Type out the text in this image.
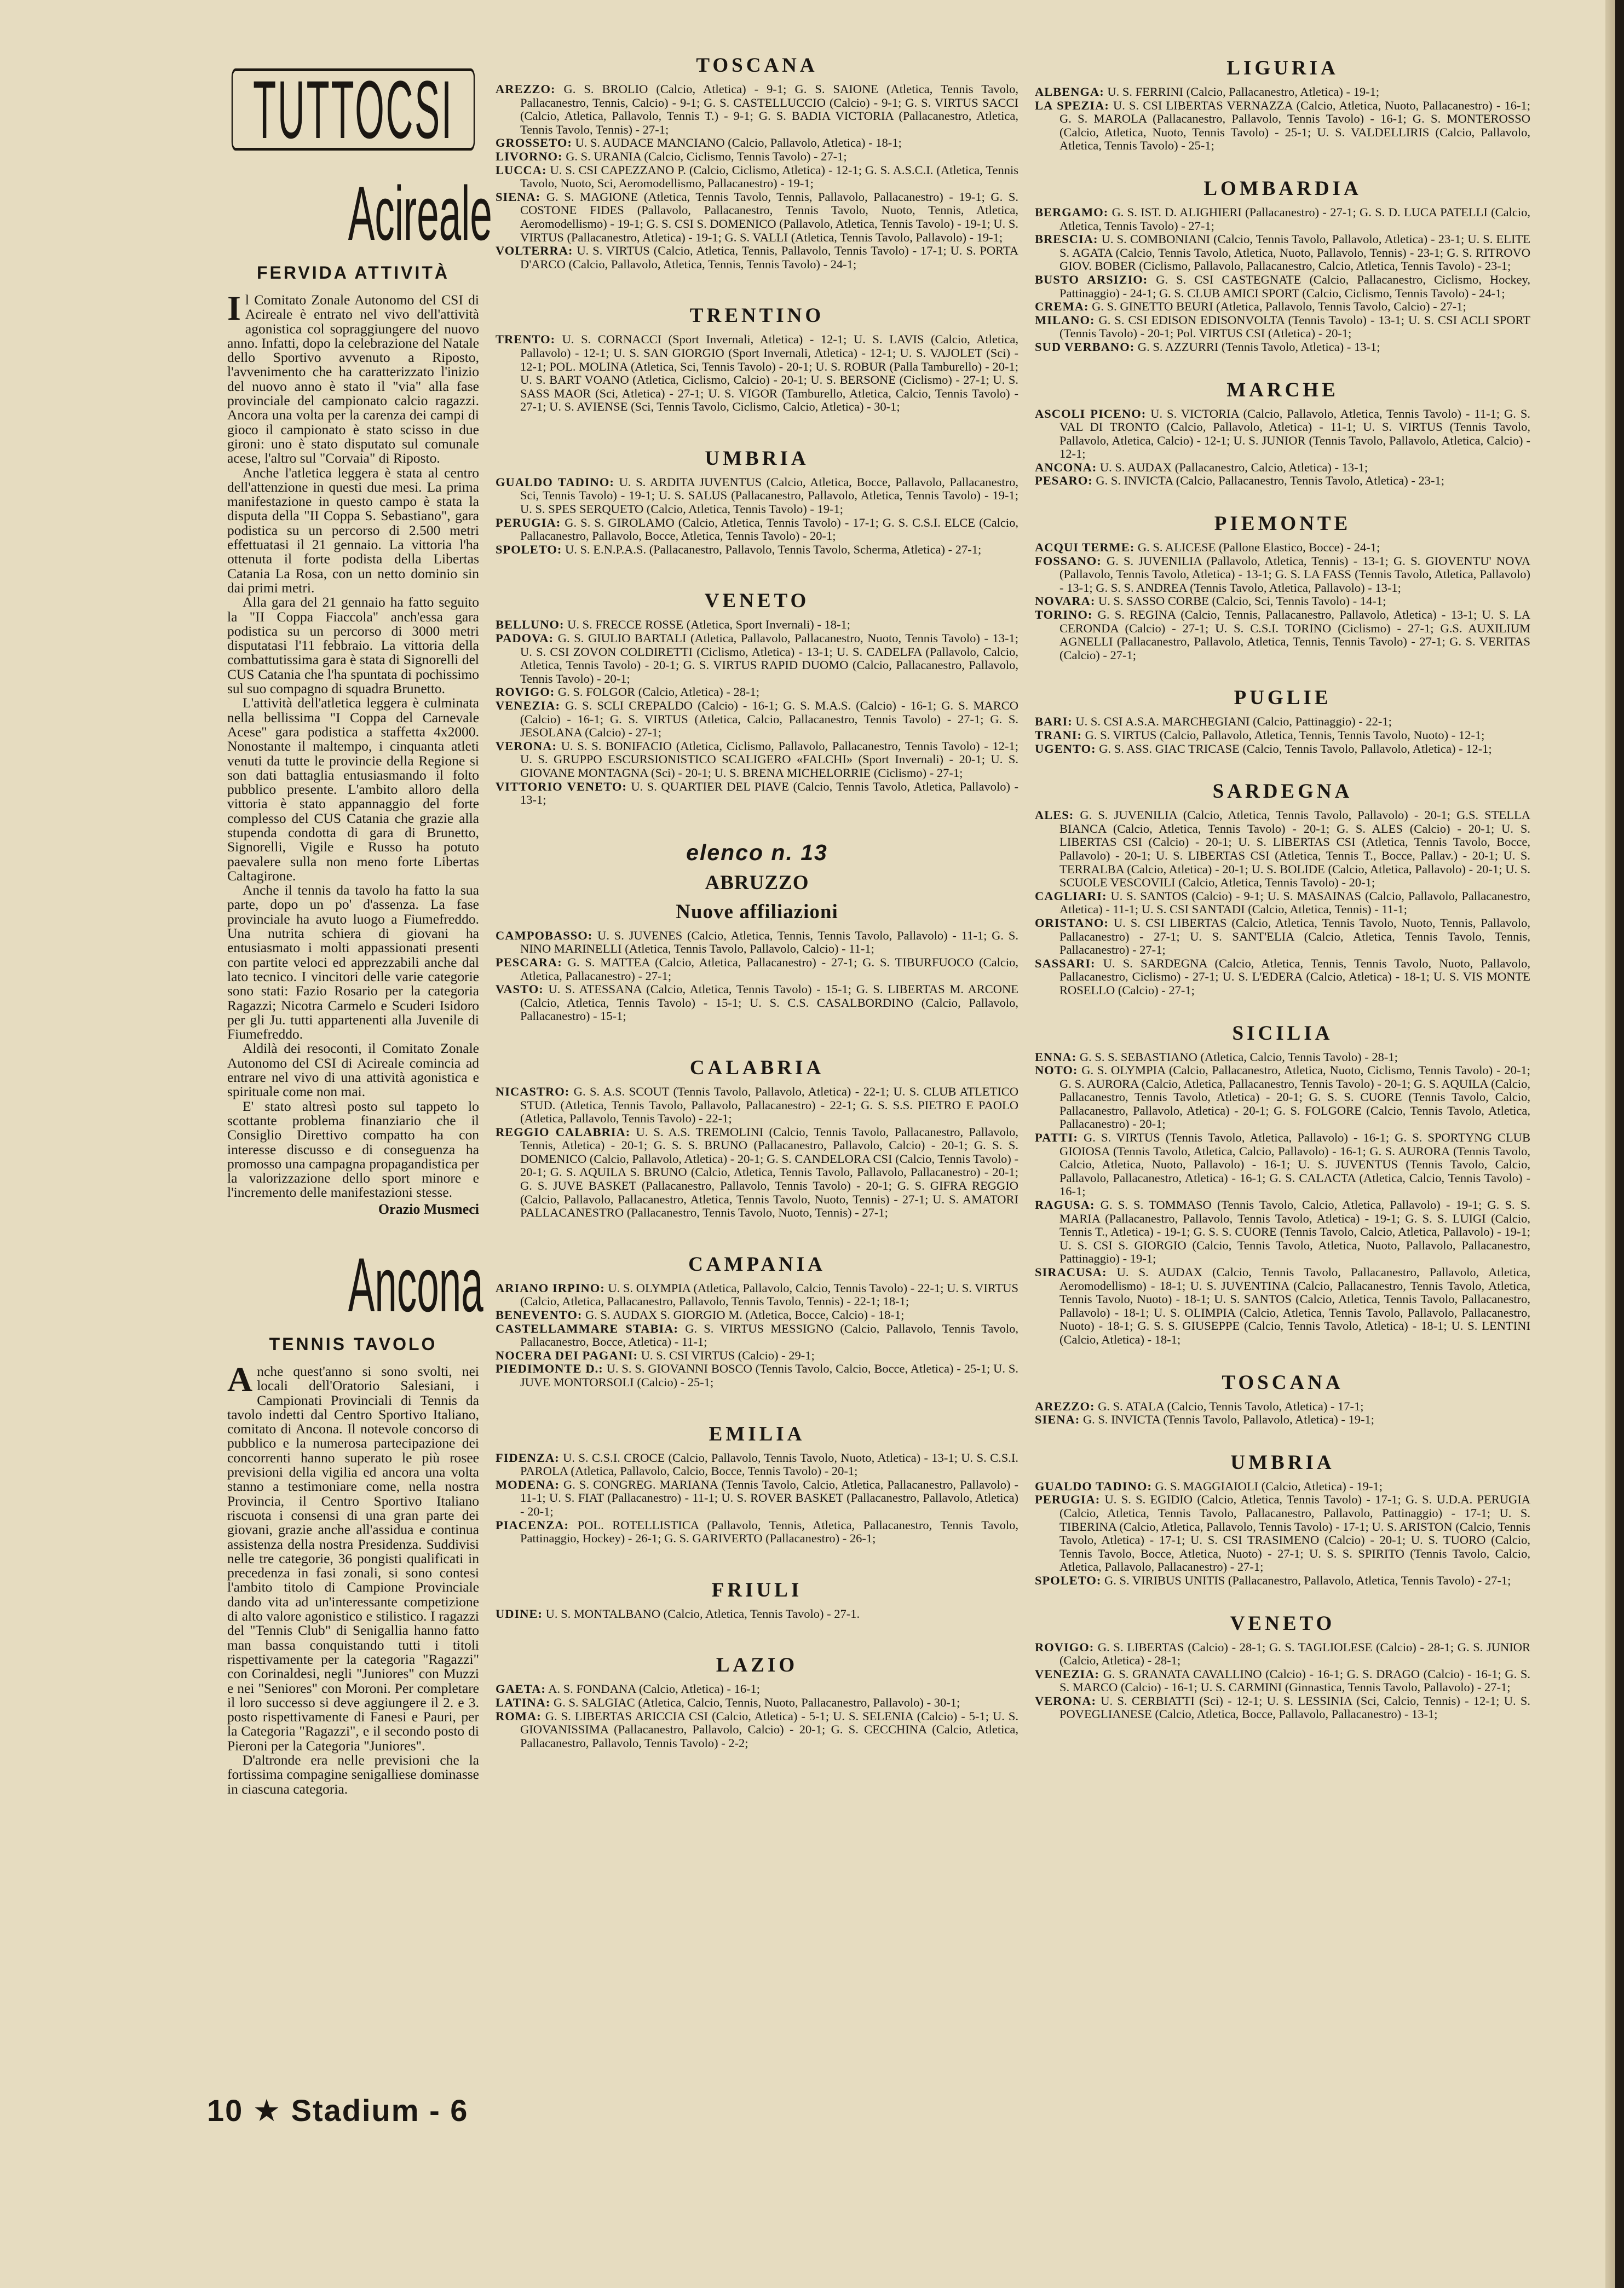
TUTTOCSI
Acireale
FERVIDA ATTIVITÀ

Il Comitato Zonale Autonomo del CSI di Acireale è entrato nel vivo dell'attività agonistica col sopraggiungere del nuovo anno. Infatti, dopo la celebrazione del Natale dello Sportivo avvenuto a Riposto, l'avvenimento che ha caratterizzato l'inizio del nuovo anno è stato il "via" alla fase provinciale del campionato calcio ragazzi. Ancora una volta per la carenza dei campi di gioco il campionato è stato scisso in due gironi: uno è stato disputato sul comunale acese, l'altro sul "Corvaia" di Riposto.

Anche l'atletica leggera è stata al centro dell'attenzione in questi due mesi. La prima manifestazione in questo campo è stata la disputa della "II Coppa S. Sebastiano", gara podistica su un percorso di 2.500 metri effettuatasi il 21 gennaio. La vittoria l'ha ottenuta il forte podista della Libertas Catania La Rosa, con un netto dominio sin dai primi metri.

Alla gara del 21 gennaio ha fatto seguito la "II Coppa Fiaccola" anch'essa gara podistica su un percorso di 3000 metri disputatasi l'11 febbraio. La vittoria della combattutissima gara è stata di Signorelli del CUS Catania che l'ha spuntata di pochissimo sul suo compagno di squadra Brunetto.

L'attività dell'atletica leggera è culminata nella bellissima "I Coppa del Carnevale Acese" gara podistica a staffetta 4x2000. Nonostante il maltempo, i cinquanta atleti venuti da tutte le provincie della Regione si son dati battaglia entusiasmando il folto pubblico presente. L'ambito alloro della vittoria è stato appannaggio del forte complesso del CUS Catania che grazie alla stupenda condotta di gara di Brunetto, Signorelli, Vigile e Russo ha potuto paevalere sulla non meno forte Libertas Caltagirone.

Anche il tennis da tavolo ha fatto la sua parte, dopo un po' d'assenza. La fase provinciale ha avuto luogo a Fiumefreddo. Una nutrita schiera di giovani ha entusiasmato i molti appassionati presenti con partite veloci ed apprezzabili anche dal lato tecnico. I vincitori delle varie categorie sono stati: Fazio Rosario per la categoria Ragazzi; Nicotra Carmelo e Scuderi Isidoro per gli Ju. tutti appartenenti alla Juvenile di Fiumefreddo.

Aldilà dei resoconti, il Comitato Zonale Autonomo del CSI di Acireale comincia ad entrare nel vivo di una attività agonistica e spirituale come non mai.

E' stato altresì posto sul tappeto lo scottante problema finanziario che il Consiglio Direttivo compatto ha con interesse discusso e di conseguenza ha promosso una campagna propagandistica per la valorizzazione dello sport minore e l'incremento delle manifestazioni stesse.

Orazio Musmeci
Ancona
TENNIS TAVOLO

Anche quest'anno si sono svolti, nei locali dell'Oratorio Salesiani, i Campionati Provinciali di Tennis da tavolo indetti dal Centro Sportivo Italiano, comitato di Ancona. Il notevole concorso di pubblico e la numerosa partecipazione dei concorrenti hanno superato le più rosee previsioni della vigilia ed ancora una volta stanno a testimoniare come, nella nostra Provincia, il Centro Sportivo Italiano riscuota i consensi di una gran parte dei giovani, grazie anche all'assidua e continua assistenza della nostra Presidenza. Suddivisi nelle tre categorie, 36 pongisti qualificati in precedenza in fasi zonali, si sono contesi l'ambito titolo di Campione Provinciale dando vita ad un'interessante competizione di alto valore agonistico e stilistico. I ragazzi del "Tennis Club" di Senigallia hanno fatto man bassa conquistando tutti i titoli rispettivamente per la categoria "Ragazzi" con Corinaldesi, negli "Juniores" con Muzzi e nei "Seniores" con Moroni. Per completare il loro successo si deve aggiungere il 2. e 3. posto rispettivamente di Fanesi e Pauri, per la Categoria "Ragazzi", e il secondo posto di Pieroni per la Categoria "Juniores".

D'altronde era nelle previsioni che la fortissima compagine senigalliese dominasse in ciascuna categoria.

10 ★ Stadium - 6
TOSCANA

AREZZO: G. S. BROLIO (Calcio, Atletica) - 9-1; G. S. SAIONE (Atletica, Tennis Tavolo, Pallacanestro, Tennis, Calcio) - 9-1; G. S. CASTELLUCCIO (Calcio) - 9-1; G. S. VIRTUS SACCI (Calcio, Atletica, Pallavolo, Tennis T.) - 9-1; G. S. BADIA VICTORIA (Pallacanestro, Atletica, Tennis Tavolo, Tennis) - 27-1;

GROSSETO: U. S. AUDACE MANCIANO (Calcio, Pallavolo, Atletica) - 18-1;

LIVORNO: G. S. URANIA (Calcio, Ciclismo, Tennis Tavolo) - 27-1;

LUCCA: U. S. CSI CAPEZZANO P. (Calcio, Ciclismo, Atletica) - 12-1; G. S. A.S.C.I. (Atletica, Tennis Tavolo, Nuoto, Sci, Aeromodellismo, Pallacanestro) - 19-1;

SIENA: G. S. MAGIONE (Atletica, Tennis Tavolo, Tennis, Pallavolo, Pallacanestro) - 19-1; G. S. COSTONE FIDES (Pallavolo, Pallacanestro, Tennis Tavolo, Nuoto, Tennis, Atletica, Aeromodellismo) - 19-1; G. S. CSI S. DOMENICO (Pallavolo, Atletica, Tennis Tavolo) - 19-1; U. S. VIRTUS (Pallacanestro, Atletica) - 19-1; G. S. VALLI (Atletica, Tennis Tavolo, Pallavolo) - 19-1;

VOLTERRA: U. S. VIRTUS (Calcio, Atletica, Tennis, Pallavolo, Tennis Tavolo) - 17-1; U. S. PORTA D'ARCO (Calcio, Pallavolo, Atletica, Tennis, Tennis Tavolo) - 24-1;

TRENTINO

TRENTO: U. S. CORNACCI (Sport Invernali, Atletica) - 12-1; U. S. LAVIS (Calcio, Atletica, Pallavolo) - 12-1; U. S. SAN GIORGIO (Sport Invernali, Atletica) - 12-1; U. S. VAJOLET (Sci) - 12-1; POL. MOLINA (Atletica, Sci, Tennis Tavolo) - 20-1; U. S. ROBUR (Palla Tamburello) - 20-1; U. S. BART VOANO (Atletica, Ciclismo, Calcio) - 20-1; U. S. BERSONE (Ciclismo) - 27-1; U. S. SASS MAOR (Sci, Atletica) - 27-1; U. S. VIGOR (Tamburello, Atletica, Calcio, Tennis Tavolo) - 27-1; U. S. AVIENSE (Sci, Tennis Tavolo, Ciclismo, Calcio, Atletica) - 30-1;

UMBRIA

GUALDO TADINO: U. S. ARDITA JUVENTUS (Calcio, Atletica, Bocce, Pallavolo, Pallacanestro, Sci, Tennis Tavolo) - 19-1; U. S. SALUS (Pallacanestro, Pallavolo, Atletica, Tennis Tavolo) - 19-1; U. S. SPES SERQUETO (Calcio, Atletica, Tennis Tavolo) - 19-1;

PERUGIA: G. S. S. GIROLAMO (Calcio, Atletica, Tennis Tavolo) - 17-1; G. S. C.S.I. ELCE (Calcio, Pallacanestro, Pallavolo, Bocce, Atletica, Tennis Tavolo) - 20-1;

SPOLETO: U. S. E.N.P.A.S. (Pallacanestro, Pallavolo, Tennis Tavolo, Scherma, Atletica) - 27-1;

VENETO

BELLUNO: U. S. FRECCE ROSSE (Atletica, Sport Invernali) - 18-1;

PADOVA: G. S. GIULIO BARTALI (Atletica, Pallavolo, Pallacanestro, Nuoto, Tennis Tavolo) - 13-1; U. S. CSI ZOVON COLDIRETTI (Ciclismo, Atletica) - 13-1; U. S. CADELFA (Pallavolo, Calcio, Atletica, Tennis Tavolo) - 20-1; G. S. VIRTUS RAPID DUOMO (Calcio, Pallacanestro, Pallavolo, Tennis Tavolo) - 20-1;

ROVIGO: G. S. FOLGOR (Calcio, Atletica) - 28-1;

VENEZIA: G. S. SCLI CREPALDO (Calcio) - 16-1; G. S. M.A.S. (Calcio) - 16-1; G. S. MARCO (Calcio) - 16-1; G. S. VIRTUS (Atletica, Calcio, Pallacanestro, Tennis Tavolo) - 27-1; G. S. JESOLANA (Calcio) - 27-1;

VERONA: U. S. S. BONIFACIO (Atletica, Ciclismo, Pallavolo, Pallacanestro, Tennis Tavolo) - 12-1; U. S. GRUPPO ESCURSIONISTICO SCALIGERO «FALCHI» (Sport Invernali) - 20-1; U. S. GIOVANE MONTAGNA (Sci) - 20-1; U. S. BRENA MICHELORRIE (Ciclismo) - 27-1;

VITTORIO VENETO: U. S. QUARTIER DEL PIAVE (Calcio, Tennis Tavolo, Atletica, Pallavolo) - 13-1;

elenco n. 13
ABRUZZO
Nuove affiliazioni

CAMPOBASSO: U. S. JUVENES (Calcio, Atletica, Tennis, Tennis Tavolo, Pallavolo) - 11-1; G. S. NINO MARINELLI (Atletica, Tennis Tavolo, Pallavolo, Calcio) - 11-1;

PESCARA: G. S. MATTEA (Calcio, Atletica, Pallacanestro) - 27-1; G. S. TIBURFUOCO (Calcio, Atletica, Pallacanestro) - 27-1;

VASTO: U. S. ATESSANA (Calcio, Atletica, Tennis Tavolo) - 15-1; G. S. LIBERTAS M. ARCONE (Calcio, Atletica, Tennis Tavolo) - 15-1; U. S. C.S. CASALBORDINO (Calcio, Pallavolo, Pallacanestro) - 15-1;

CALABRIA

NICASTRO: G. S. A.S. SCOUT (Tennis Tavolo, Pallavolo, Atletica) - 22-1; U. S. CLUB ATLETICO STUD. (Atletica, Tennis Tavolo, Pallavolo, Pallacanestro) - 22-1; G. S. S.S. PIETRO E PAOLO (Atletica, Pallavolo, Tennis Tavolo) - 22-1;

REGGIO CALABRIA: U. S. A.S. TREMOLINI (Calcio, Tennis Tavolo, Pallacanestro, Pallavolo, Tennis, Atletica) - 20-1; G. S. S. BRUNO (Pallacanestro, Pallavolo, Calcio) - 20-1; G. S. S. DOMENICO (Calcio, Pallavolo, Atletica) - 20-1; G. S. CANDELORA CSI (Calcio, Tennis Tavolo) - 20-1; G. S. AQUILA S. BRUNO (Calcio, Atletica, Tennis Tavolo, Pallavolo, Pallacanestro) - 20-1; G. S. JUVE BASKET (Pallacanestro, Pallavolo, Tennis Tavolo) - 20-1; G. S. GIFRA REGGIO (Calcio, Pallavolo, Pallacanestro, Atletica, Tennis Tavolo, Nuoto, Tennis) - 27-1; U. S. AMATORI PALLACANESTRO (Pallacanestro, Tennis Tavolo, Nuoto, Tennis) - 27-1;

CAMPANIA

ARIANO IRPINO: U. S. OLYMPIA (Atletica, Pallavolo, Calcio, Tennis Tavolo) - 22-1; U. S. VIRTUS (Calcio, Atletica, Pallacanestro, Pallavolo, Tennis Tavolo, Tennis) - 22-1; 18-1;

BENEVENTO: G. S. AUDAX S. GIORGIO M. (Atletica, Bocce, Calcio) - 18-1;

CASTELLAMMARE STABIA: G. S. VIRTUS MESSIGNO (Calcio, Pallavolo, Tennis Tavolo, Pallacanestro, Bocce, Atletica) - 11-1;

NOCERA DEI PAGANI: U. S. CSI VIRTUS (Calcio) - 29-1;

PIEDIMONTE D.: U. S. S. GIOVANNI BOSCO (Tennis Tavolo, Calcio, Bocce, Atletica) - 25-1; U. S. JUVE MONTORSOLI (Calcio) - 25-1;

EMILIA

FIDENZA: U. S. C.S.I. CROCE (Calcio, Pallavolo, Tennis Tavolo, Nuoto, Atletica) - 13-1; U. S. C.S.I. PAROLA (Atletica, Pallavolo, Calcio, Bocce, Tennis Tavolo) - 20-1;

MODENA: G. S. CONGREG. MARIANA (Tennis Tavolo, Calcio, Atletica, Pallacanestro, Pallavolo) - 11-1; U. S. FIAT (Pallacanestro) - 11-1; U. S. ROVER BASKET (Pallacanestro, Pallavolo, Atletica) - 20-1;

PIACENZA: POL. ROTELLISTICA (Pallavolo, Tennis, Atletica, Pallacanestro, Tennis Tavolo, Pattinaggio, Hockey) - 26-1; G. S. GARIVERTO (Pallacanestro) - 26-1;

FRIULI

UDINE: U. S. MONTALBANO (Calcio, Atletica, Tennis Tavolo) - 27-1.

LAZIO

GAETA: A. S. FONDANA (Calcio, Atletica) - 16-1;

LATINA: G. S. SALGIAC (Atletica, Calcio, Tennis, Nuoto, Pallacanestro, Pallavolo) - 30-1;

ROMA: G. S. LIBERTAS ARICCIA CSI (Calcio, Atletica) - 5-1; U. S. SELENIA (Calcio) - 5-1; U. S. GIOVANISSIMA (Pallacanestro, Pallavolo, Calcio) - 20-1; G. S. CECCHINA (Calcio, Atletica, Pallacanestro, Pallavolo, Tennis Tavolo) - 2-2;

LIGURIA

ALBENGA: U. S. FERRINI (Calcio, Pallacanestro, Atletica) - 19-1;

LA SPEZIA: U. S. CSI LIBERTAS VERNAZZA (Calcio, Atletica, Nuoto, Pallacanestro) - 16-1; G. S. MAROLA (Pallacanestro, Pallavolo, Tennis Tavolo) - 16-1; G. S. MONTEROSSO (Calcio, Atletica, Nuoto, Tennis Tavolo) - 25-1; U. S. VALDELLIRIS (Calcio, Pallavolo, Atletica, Tennis Tavolo) - 25-1;

LOMBARDIA

BERGAMO: G. S. IST. D. ALIGHIERI (Pallacanestro) - 27-1; G. S. D. LUCA PATELLI (Calcio, Atletica, Tennis Tavolo) - 27-1;

BRESCIA: U. S. COMBONIANI (Calcio, Tennis Tavolo, Pallavolo, Atletica) - 23-1; U. S. ELITE S. AGATA (Calcio, Tennis Tavolo, Atletica, Nuoto, Pallavolo, Tennis) - 23-1; G. S. RITROVO GIOV. BOBER (Ciclismo, Pallavolo, Pallacanestro, Calcio, Atletica, Tennis Tavolo) - 23-1;

BUSTO ARSIZIO: G. S. CSI CASTEGNATE (Calcio, Pallacanestro, Ciclismo, Hockey, Pattinaggio) - 24-1; G. S. CLUB AMICI SPORT (Calcio, Ciclismo, Tennis Tavolo) - 24-1;

CREMA: G. S. GINETTO BEURI (Atletica, Pallavolo, Tennis Tavolo, Calcio) - 27-1;

MILANO: G. S. CSI EDISON EDISONVOLTA (Tennis Tavolo) - 13-1; U. S. CSI ACLI SPORT (Tennis Tavolo) - 20-1; Pol. VIRTUS CSI (Atletica) - 20-1;

SUD VERBANO: G. S. AZZURRI (Tennis Tavolo, Atletica) - 13-1;

MARCHE

ASCOLI PICENO: U. S. VICTORIA (Calcio, Pallavolo, Atletica, Tennis Tavolo) - 11-1; G. S. VAL DI TRONTO (Calcio, Pallavolo, Atletica) - 11-1; U. S. VIRTUS (Tennis Tavolo, Pallavolo, Atletica, Calcio) - 12-1; U. S. JUNIOR (Tennis Tavolo, Pallavolo, Atletica, Calcio) - 12-1;

ANCONA: U. S. AUDAX (Pallacanestro, Calcio, Atletica) - 13-1;

PESARO: G. S. INVICTA (Calcio, Pallacanestro, Tennis Tavolo, Atletica) - 23-1;

PIEMONTE

ACQUI TERME: G. S. ALICESE (Pallone Elastico, Bocce) - 24-1;

FOSSANO: G. S. JUVENILIA (Pallavolo, Atletica, Tennis) - 13-1; G. S. GIOVENTU' NOVA (Pallavolo, Tennis Tavolo, Atletica) - 13-1; G. S. LA FASS (Tennis Tavolo, Atletica, Pallavolo) - 13-1; G. S. S. ANDREA (Tennis Tavolo, Atletica, Pallavolo) - 13-1;

NOVARA: U. S. SASSO CORBE (Calcio, Sci, Tennis Tavolo) - 14-1;

TORINO: G. S. REGINA (Calcio, Tennis, Pallacanestro, Pallavolo, Atletica) - 13-1; U. S. LA CERONDA (Calcio) - 27-1; U. S. C.S.I. TORINO (Ciclismo) - 27-1; G.S. AUXILIUM AGNELLI (Pallacanestro, Pallavolo, Atletica, Tennis, Tennis Tavolo) - 27-1; G. S. VERITAS (Calcio) - 27-1;

PUGLIE

BARI: U. S. CSI A.S.A. MARCHEGIANI (Calcio, Pattinaggio) - 22-1;

TRANI: G. S. VIRTUS (Calcio, Pallavolo, Atletica, Tennis, Tennis Tavolo, Nuoto) - 12-1;

UGENTO: G. S. ASS. GIAC TRICASE (Calcio, Tennis Tavolo, Pallavolo, Atletica) - 12-1;

SARDEGNA

ALES: G. S. JUVENILIA (Calcio, Atletica, Tennis Tavolo, Pallavolo) - 20-1; G.S. STELLA BIANCA (Calcio, Atletica, Tennis Tavolo) - 20-1; G. S. ALES (Calcio) - 20-1; U. S. LIBERTAS CSI (Calcio) - 20-1; U. S. LIBERTAS CSI (Atletica, Tennis Tavolo, Bocce, Pallavolo) - 20-1; U. S. LIBERTAS CSI (Atletica, Tennis T., Bocce, Pallav.) - 20-1; U. S. TERRALBA (Calcio, Atletica) - 20-1; U. S. BOLIDE (Calcio, Atletica, Pallavolo) - 20-1; U. S. SCUOLE VESCOVILI (Calcio, Atletica, Tennis Tavolo) - 20-1;

CAGLIARI: U. S. SANTOS (Calcio) - 9-1; U. S. MASAINAS (Calcio, Pallavolo, Pallacanestro, Atletica) - 11-1; U. S. CSI SANTADI (Calcio, Atletica, Tennis) - 11-1;

ORISTANO: U. S. CSI LIBERTAS (Calcio, Atletica, Tennis Tavolo, Nuoto, Tennis, Pallavolo, Pallacanestro) - 27-1; U. S. SANT'ELIA (Calcio, Atletica, Tennis Tavolo, Tennis, Pallacanestro) - 27-1;

SASSARI: U. S. SARDEGNA (Calcio, Atletica, Tennis, Tennis Tavolo, Nuoto, Pallavolo, Pallacanestro, Ciclismo) - 27-1; U. S. L'EDERA (Calcio, Atletica) - 18-1; U. S. VIS MONTE ROSELLO (Calcio) - 27-1;

SICILIA

ENNA: G. S. S. SEBASTIANO (Atletica, Calcio, Tennis Tavolo) - 28-1;

NOTO: G. S. OLYMPIA (Calcio, Pallacanestro, Atletica, Nuoto, Ciclismo, Tennis Tavolo) - 20-1; G. S. AURORA (Calcio, Atletica, Pallacanestro, Tennis Tavolo) - 20-1; G. S. AQUILA (Calcio, Pallacanestro, Tennis Tavolo, Atletica) - 20-1; G. S. S. CUORE (Tennis Tavolo, Calcio, Pallacanestro, Pallavolo, Atletica) - 20-1; G. S. FOLGORE (Calcio, Tennis Tavolo, Atletica, Pallacanestro) - 20-1;

PATTI: G. S. VIRTUS (Tennis Tavolo, Atletica, Pallavolo) - 16-1; G. S. SPORTYNG CLUB GIOIOSA (Tennis Tavolo, Atletica, Calcio, Pallavolo) - 16-1; G. S. AURORA (Tennis Tavolo, Calcio, Atletica, Nuoto, Pallavolo) - 16-1; U. S. JUVENTUS (Tennis Tavolo, Calcio, Pallavolo, Pallacanestro, Atletica) - 16-1; G. S. CALACTA (Atletica, Calcio, Tennis Tavolo) - 16-1;

RAGUSA: G. S. S. TOMMASO (Tennis Tavolo, Calcio, Atletica, Pallavolo) - 19-1; G. S. S. MARIA (Pallacanestro, Pallavolo, Tennis Tavolo, Atletica) - 19-1; G. S. S. LUIGI (Calcio, Tennis T., Atletica) - 19-1; G. S. S. CUORE (Tennis Tavolo, Calcio, Atletica, Pallavolo) - 19-1; U. S. CSI S. GIORGIO (Calcio, Tennis Tavolo, Atletica, Nuoto, Pallavolo, Pallacanestro, Pattinaggio) - 19-1;

SIRACUSA: U. S. AUDAX (Calcio, Tennis Tavolo, Pallacanestro, Pallavolo, Atletica, Aeromodellismo) - 18-1; U. S. JUVENTINA (Calcio, Pallacanestro, Tennis Tavolo, Atletica, Tennis Tavolo, Nuoto) - 18-1; U. S. SANTOS (Calcio, Atletica, Tennis Tavolo, Pallacanestro, Pallavolo) - 18-1; U. S. OLIMPIA (Calcio, Atletica, Tennis Tavolo, Pallavolo, Pallacanestro, Nuoto) - 18-1; G. S. S. GIUSEPPE (Calcio, Tennis Tavolo, Atletica) - 18-1; U. S. LENTINI (Calcio, Atletica) - 18-1;

TOSCANA

AREZZO: G. S. ATALA (Calcio, Tennis Tavolo, Atletica) - 17-1;

SIENA: G. S. INVICTA (Tennis Tavolo, Pallavolo, Atletica) - 19-1;

UMBRIA

GUALDO TADINO: G. S. MAGGIAIOLI (Calcio, Atletica) - 19-1;

PERUGIA: U. S. S. EGIDIO (Calcio, Atletica, Tennis Tavolo) - 17-1; G. S. U.D.A. PERUGIA (Calcio, Atletica, Tennis Tavolo, Pallacanestro, Pallavolo, Pattinaggio) - 17-1; U. S. TIBERINA (Calcio, Atletica, Pallavolo, Tennis Tavolo) - 17-1; U. S. ARISTON (Calcio, Tennis Tavolo, Atletica) - 17-1; U. S. CSI TRASIMENO (Calcio) - 20-1; U. S. TUORO (Calcio, Tennis Tavolo, Bocce, Atletica, Nuoto) - 27-1; U. S. S. SPIRITO (Tennis Tavolo, Calcio, Atletica, Pallavolo, Pallacanestro) - 27-1;

SPOLETO: G. S. VIRIBUS UNITIS (Pallacanestro, Pallavolo, Atletica, Tennis Tavolo) - 27-1;

VENETO

ROVIGO: G. S. LIBERTAS (Calcio) - 28-1; G. S. TAGLIOLESE (Calcio) - 28-1; G. S. JUNIOR (Calcio, Atletica) - 28-1;

VENEZIA: G. S. GRANATA CAVALLINO (Calcio) - 16-1; G. S. DRAGO (Calcio) - 16-1; G. S. S. MARCO (Calcio) - 16-1; U. S. CARMINI (Ginnastica, Tennis Tavolo, Pallavolo) - 27-1;

VERONA: U. S. CERBIATTI (Sci) - 12-1; U. S. LESSINIA (Sci, Calcio, Tennis) - 12-1; U. S. POVEGLIANESE (Calcio, Atletica, Bocce, Pallavolo, Pallacanestro) - 13-1;
